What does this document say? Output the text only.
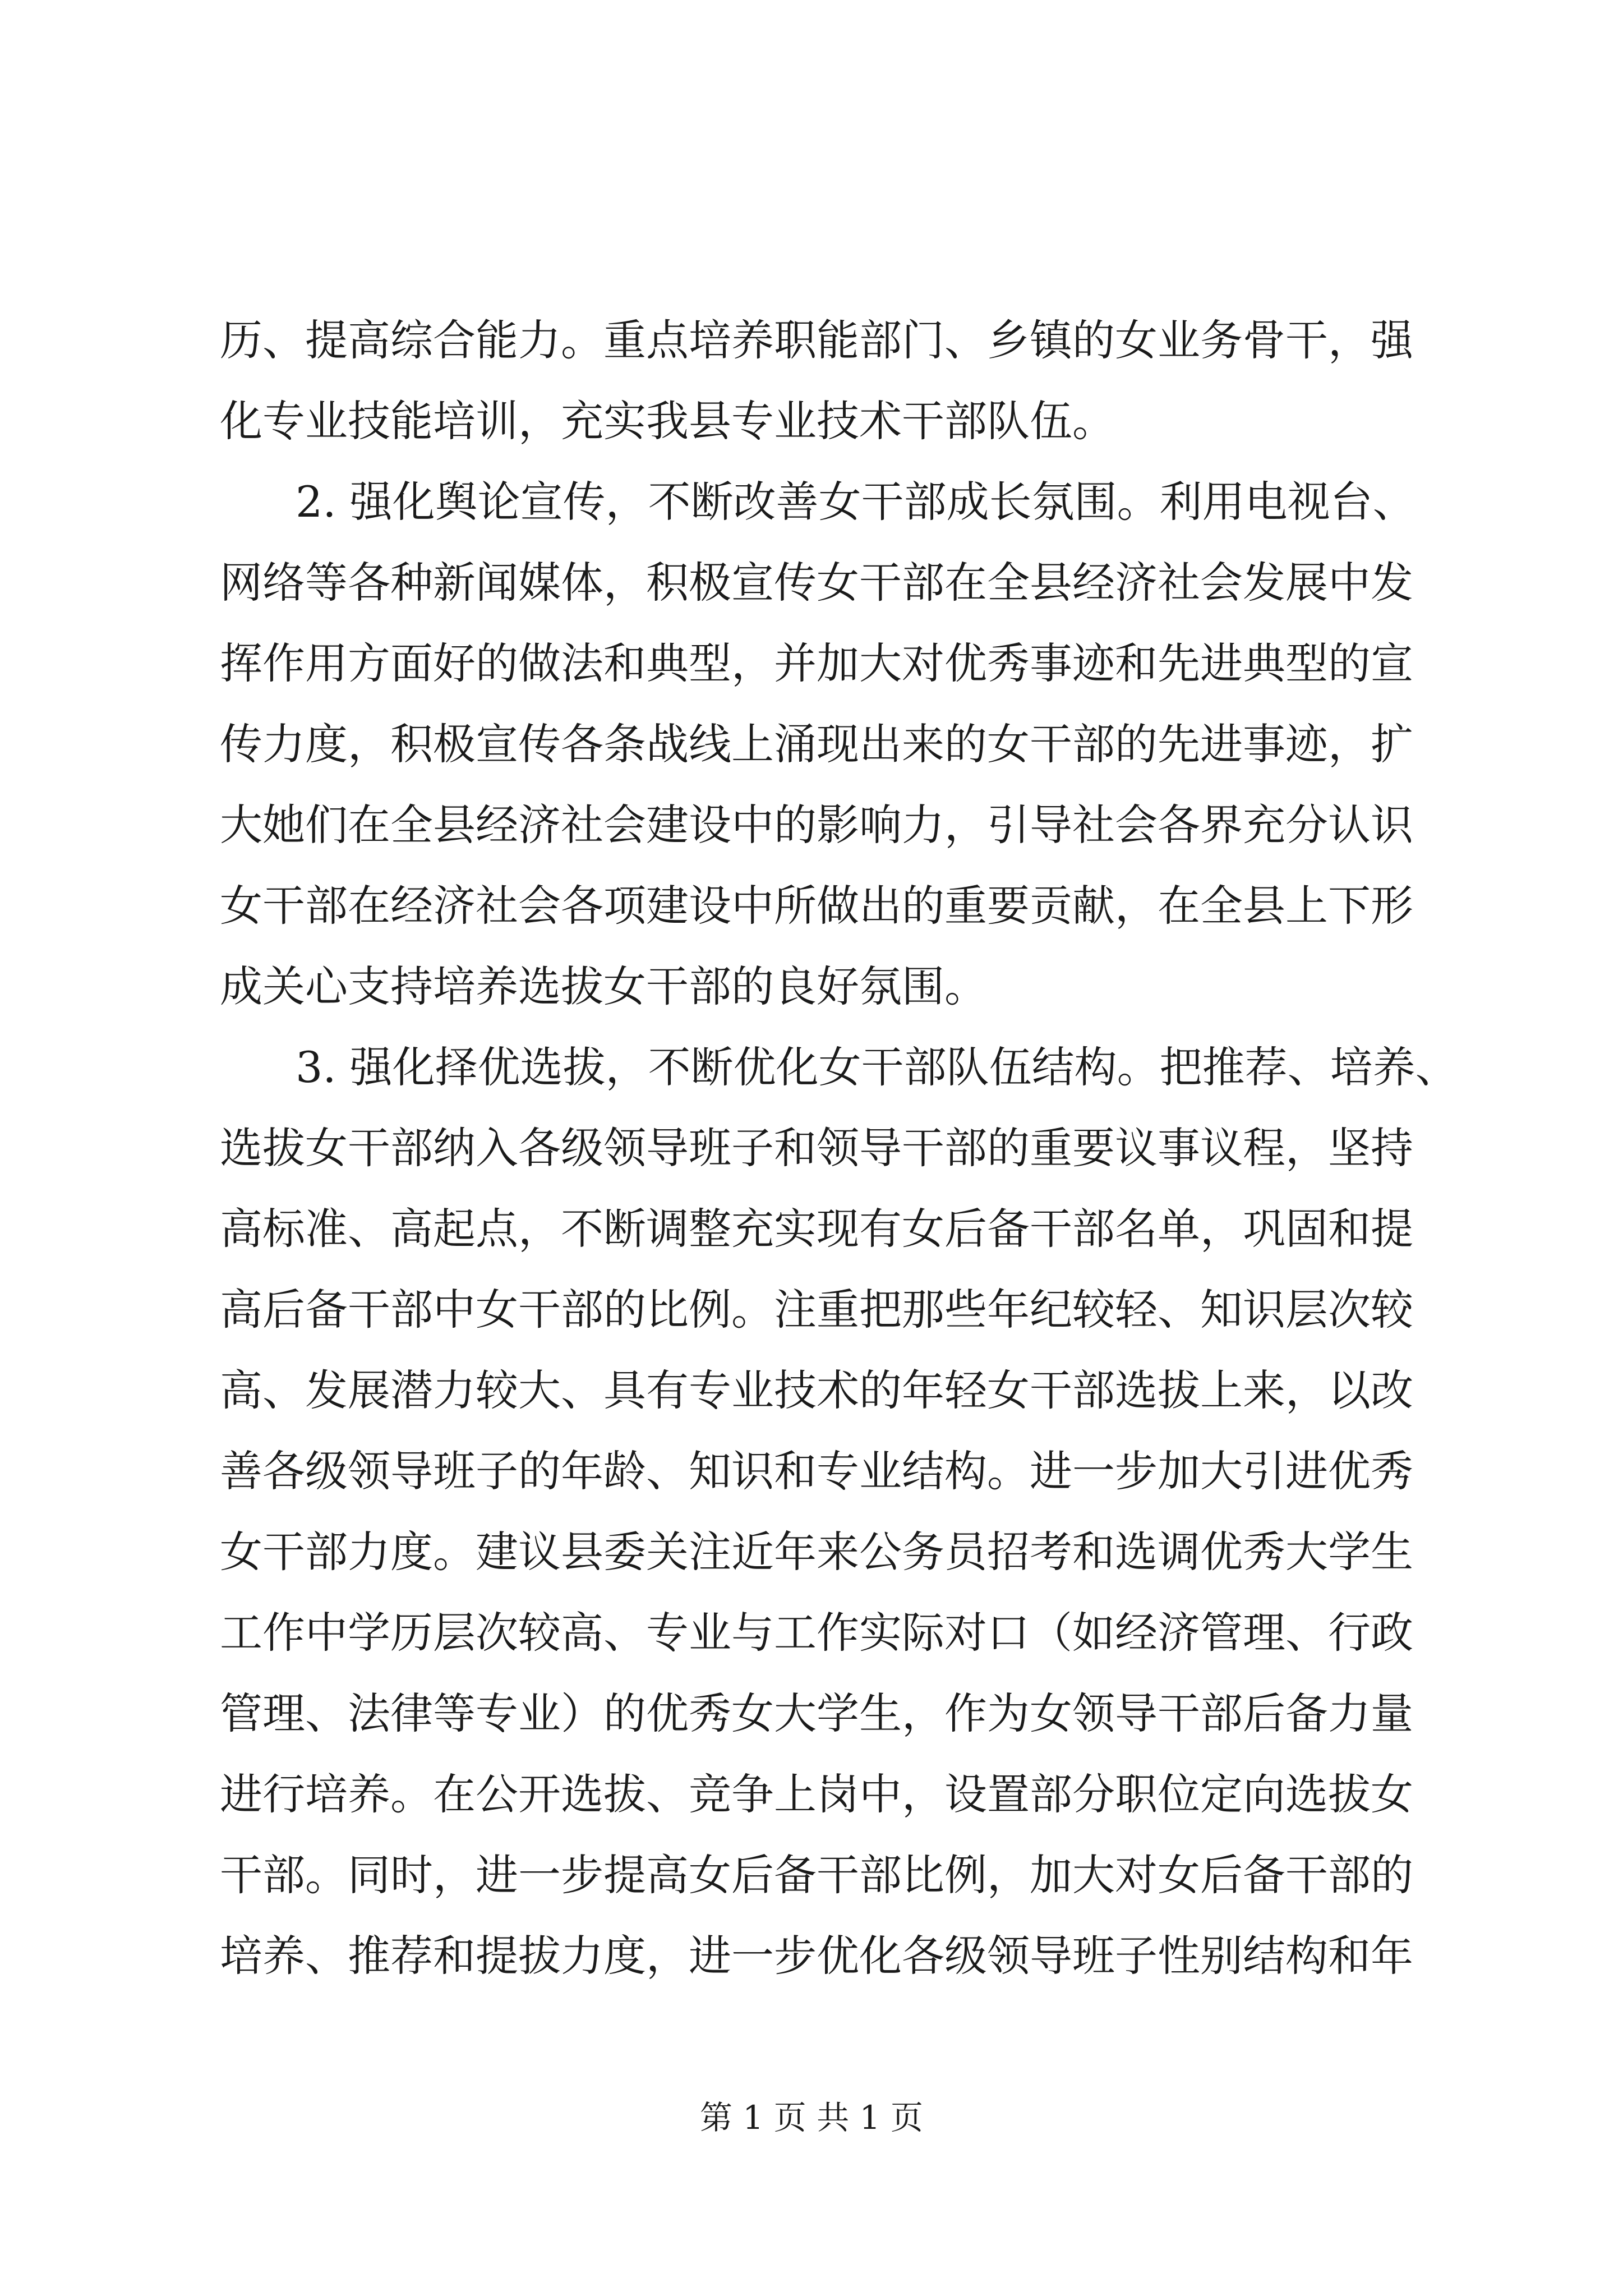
历、提高综合能力。重点培养职能部门、乡镇的女业务骨干，强
化专业技能培训，充实我县专业技术干部队伍。
2. 强化舆论宣传，不断改善女干部成长氛围。利用电视台、
网络等各种新闻媒体，积极宣传女干部在全县经济社会发展中发
挥作用方面好的做法和典型，并加大对优秀事迹和先进典型的宣
传力度，积极宣传各条战线上涌现出来的女干部的先进事迹，扩
大她们在全县经济社会建设中的影响力，引导社会各界充分认识
女干部在经济社会各项建设中所做出的重要贡献，在全县上下形
成关心支持培养选拔女干部的良好氛围。
3. 强化择优选拔，不断优化女干部队伍结构。把推荐、培养、
选拔女干部纳入各级领导班子和领导干部的重要议事议程，坚持
高标准、高起点，不断调整充实现有女后备干部名单，巩固和提
高后备干部中女干部的比例。注重把那些年纪较轻、知识层次较
高、发展潜力较大、具有专业技术的年轻女干部选拔上来，以改
善各级领导班子的年龄、知识和专业结构。进一步加大引进优秀
女干部力度。建议县委关注近年来公务员招考和选调优秀大学生
工作中学历层次较高、专业与工作实际对口（如经济管理、行政
管理、法律等专业）的优秀女大学生，作为女领导干部后备力量
进行培养。在公开选拔、竞争上岗中，设置部分职位定向选拔女
干部。同时，进一步提高女后备干部比例，加大对女后备干部的
培养、推荐和提拔力度，进一步优化各级领导班子性别结构和年
第 1 页 共 1 页
